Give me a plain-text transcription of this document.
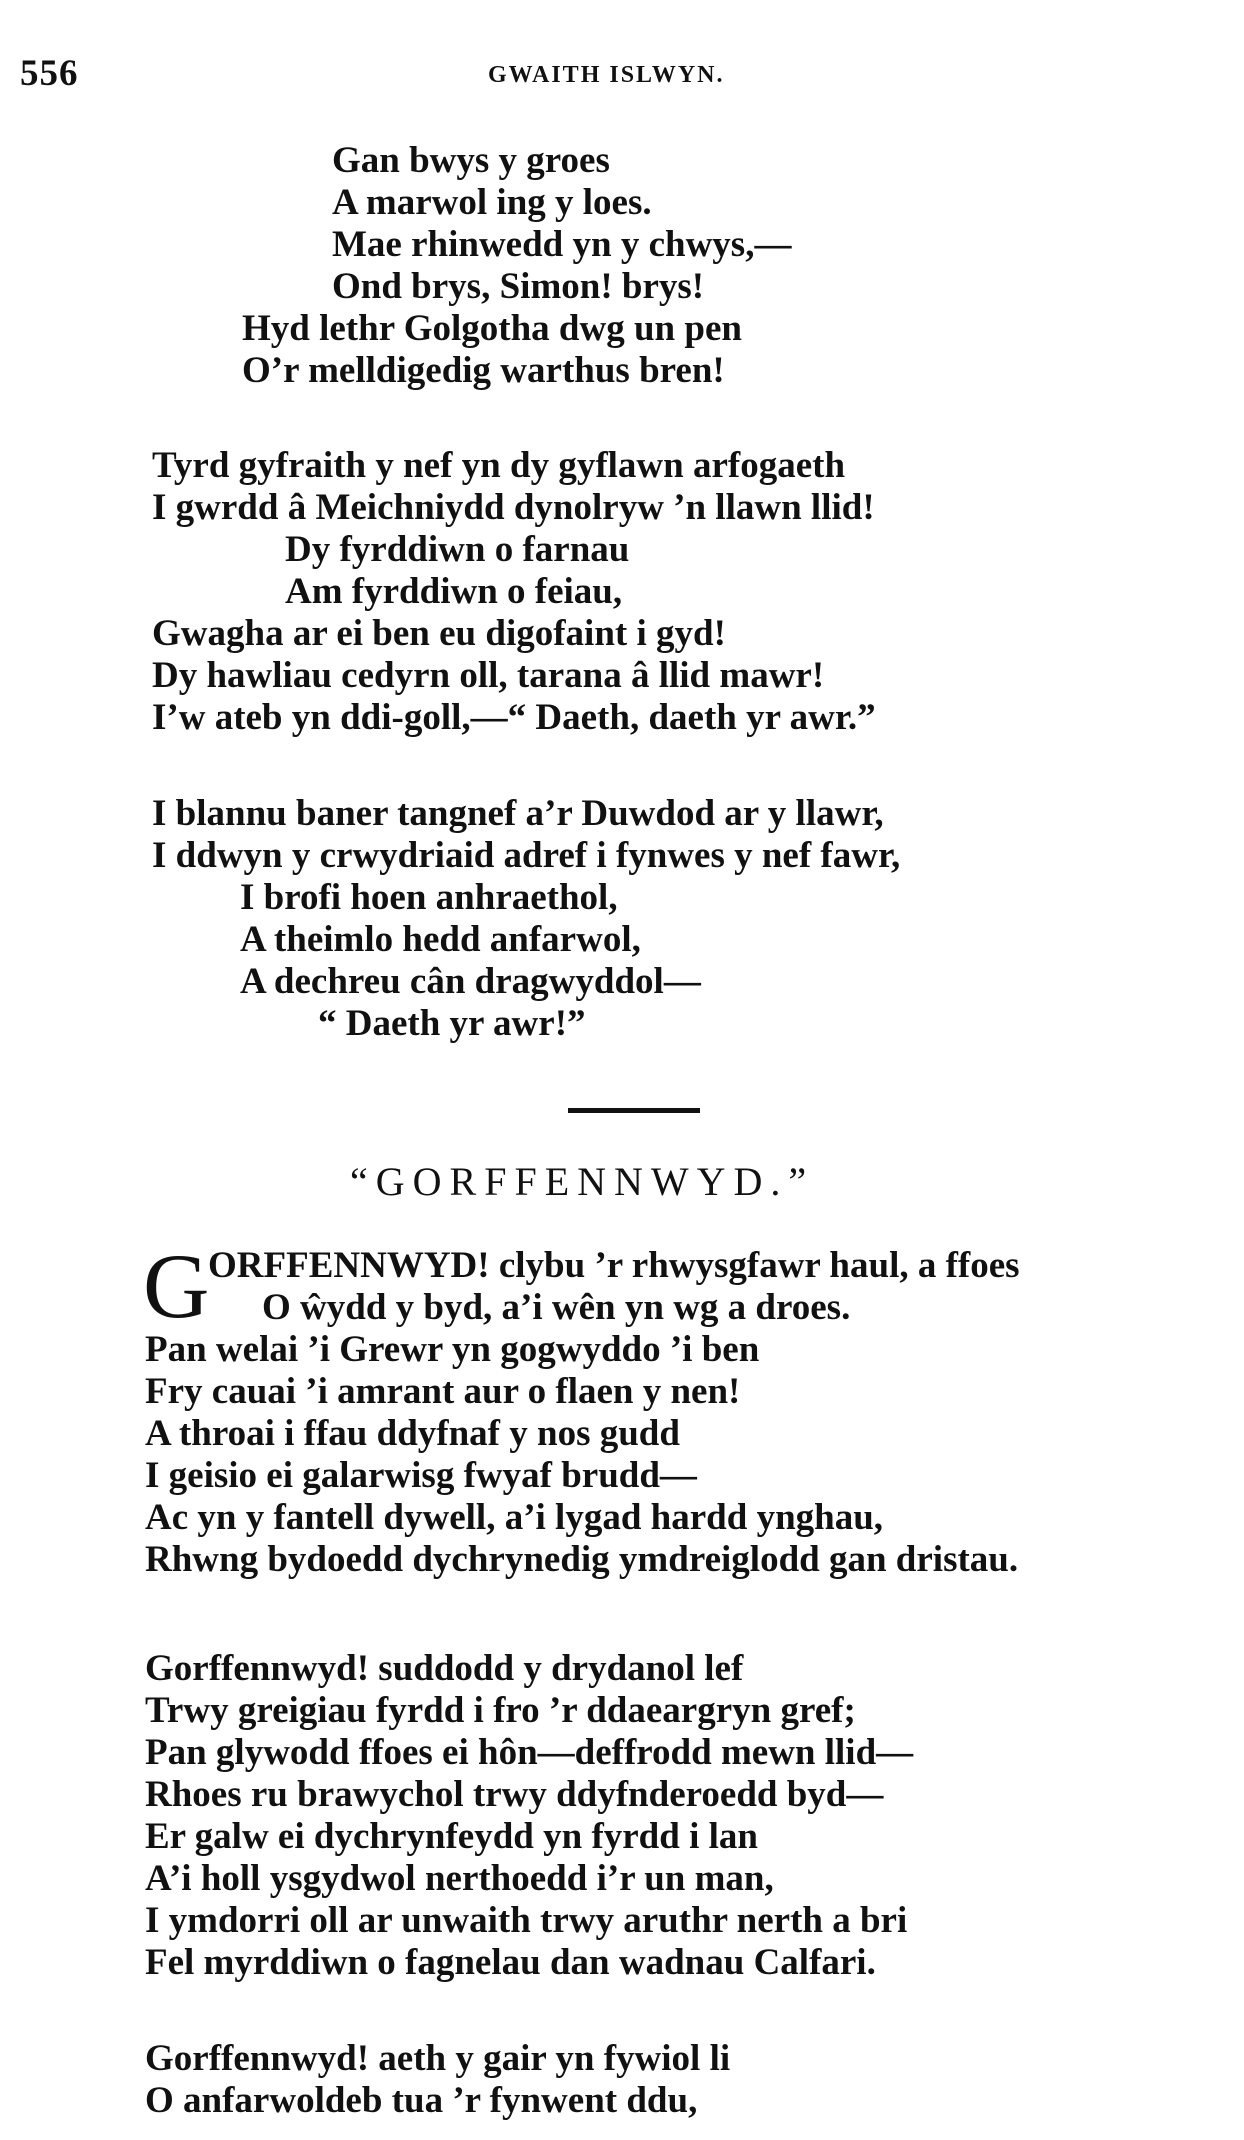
556	GWAITH ISLWYN.
Gan bwys y groes
A marwol ing y loes.
Mae rhinwedd yn y chwys,—
Ond brys, Simon! brys!
Hyd lethr Golgotha dwg un pen
O’r melldigedig warthus bren!
Tyrd gyfraith y nef yn dy gyflawn arfogaeth
I gwrdd â Meichniydd dynolryw ’n llawn llid!
Dy fyrddiwn o farnau
Am fyrddiwn o feiau,
Gwagha ar ei ben eu digofaint i gyd!
Dy hawliau cedyrn oll, tarana â llid mawr!
I’w ateb yn ddi-goll,—“ Daeth, daeth yr awr.”
I blannu baner tangnef a’r Duwdod ar y llawr,
I ddwyn y crwydriaid adref i fynwes y nef fawr,
I brofi hoen anhraethol,
A theimlo hedd anfarwol,
A dechreu cân dragwyddol—
“ Daeth yr awr!”
“GORFFENNWYD.”
G
ORFFENNWYD! clybu ’r rhwysgfawr haul, a ffoes
O ŵydd y byd, a’i wên yn wg a droes.
Pan welai ’i Grewr yn gogwyddo ’i ben
Fry cauai ’i amrant aur o flaen y nen!
A throai i ffau ddyfnaf y nos gudd
I geisio ei galarwisg fwyaf brudd—
Ac yn y fantell dywell, a’i lygad hardd ynghau,
Rhwng bydoedd dychrynedig ymdreiglodd gan dristau.
Gorffennwyd! suddodd y drydanol lef
Trwy greigiau fyrdd i fro ’r ddaeargryn gref;
Pan glywodd ffoes ei hôn—deffrodd mewn llid—
Rhoes ru brawychol trwy ddyfnderoedd byd—
Er galw ei dychrynfeydd yn fyrdd i lan
A’i holl ysgydwol nerthoedd i’r un man,
I ymdorri oll ar unwaith trwy aruthr nerth a bri
Fel myrddiwn o fagnelau dan wadnau Calfari.
Gorffennwyd! aeth y gair yn fywiol li
O anfarwoldeb tua ’r fynwent ddu,
